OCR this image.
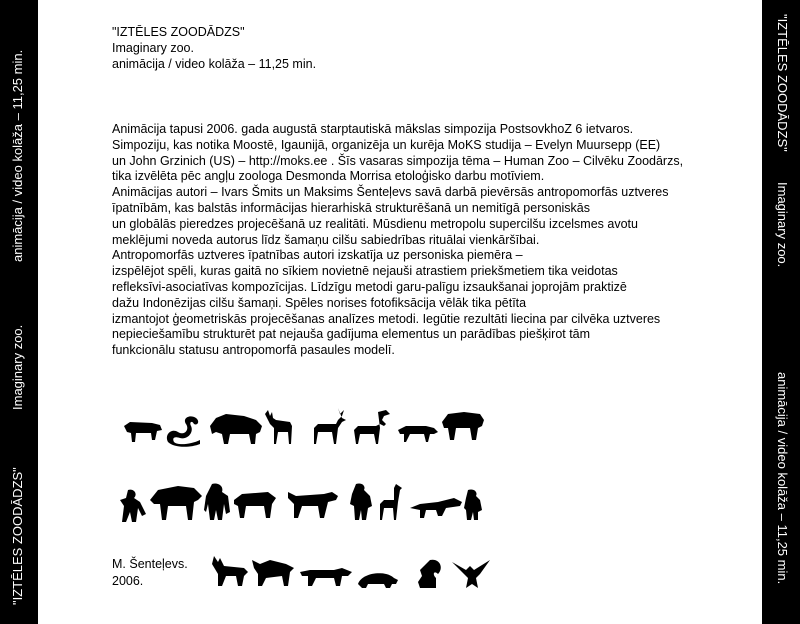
"IZTĒLES ZOODĀDZS"
Imaginary zoo.
animācija / video kolāža – 11,25 min.	"IZTĒLES ZOODĀDZS"
Imaginary zoo.
animācija / video kolāža – 11,25 min.
"IZTĒLES ZOODĀDZS"
Imaginary zoo.
animācija / video kolāža – 11,25 min.
Animācija tapusi 2006. gada augustā starptautiskā mākslas simpozija PostsovkhoZ 6 ietvaros.
Simpoziju, kas notika Moostē, Igaunijā, organizēja un kurēja MoKS studija – Evelyn Muursepp (EE)
un John Grzinich (US) – http://moks.ee . Šīs vasaras simpozija tēma – Human Zoo – Cilvēku Zoodārzs,
tika izvēlēta pēc angļu zoologa Desmonda Morrisa etoloģisko darbu motīviem.
Animācijas autori – Ivars Šmits un Maksims Šenteļevs savā darbā pievērsās antropomorfās uztveres
īpatnībām, kas balstās informācijas hierarhiskā strukturēšanā un nemitīgā personiskās
un globālās pieredzes projecēšanā uz realitāti. Mūsdienu metropolu supercilšu izcelsmes avotu
meklējumi noveda autorus līdz šamaņu cilšu sabiedrības rituālai vienkāršībai.
Antropomorfās uztveres īpatnības autori izskatīja uz personiska piemēra –
izspēlējot spēli, kuras gaitā no sīkiem novietnē nejauši atrastiem priekšmetiem tika veidotas
refleksīvi-asociatīvas kompozīcijas. Līdzīgu metodi garu-palīgu izsaukšanai joprojām praktizē
dažu Indonēzijas cilšu šamaņi. Spēles norises fotofiksācija vēlāk tika pētīta
izmantojot ģeometriskās projecēšanas analīzes metodi. Iegūtie rezultāti liecina par cilvēka uztveres
nepieciešamību strukturēt pat nejauša gadījuma elementus un parādības piešķirot tām
funkcionālu statusu antropomorfā pasaules modelī.
M. Šenteļevs.
2006.
